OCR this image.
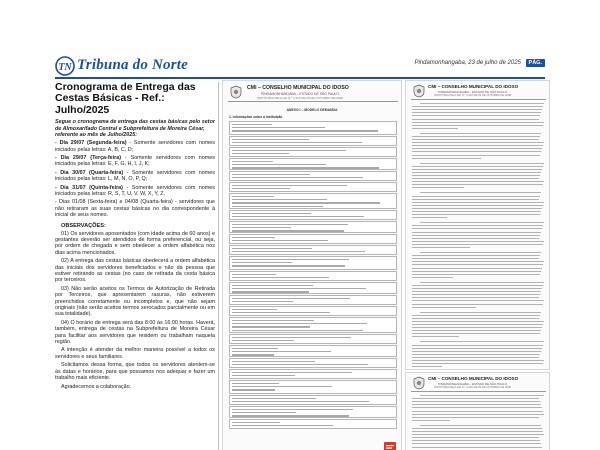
TN Tribuna do Norte	Pindamonhangaba, 23 de julho de 2025 PÁG.
Cronograma de Entrega das Cestas Básicas - Ref.: Julho/2025
Segue o cronograma de entrega das cestas básicas pelo setor de Almoxarifado Central e Subprefeitura de Moreira César, referente ao mês de Julho/2025:
- Dia 29/07 (Segunda-feira) - Somente servidores com nomes iniciados pelas letras: A, B, C, D;
- Dia 29/07 (Terça-feira) - Somente servidores com nomes iniciados pelas letras: E, F, G, H, I, J, K;
- Dia 30/07 (Quarta-feira) - Somente servidores com nomes iniciados pelas letras: L, M, N, O, P, Q;
- Dia 31/07 (Quinta-feira) - Somente servidores com nomes iniciados pelas letras: R, S, T, U, V, W, X, Y, Z.
- Dias 01/08 (Sexta-feira) e 04/08 (Quarta-feira) - servidores que não retiraram as suas cestas básicas no dia correspondente à inicial de seus nomes.
OBSERVAÇÕES:
01) Os servidores aposentados (com idade acima de 60 anos) e gestantes deverão ser atendidos de forma preferencial, ou seja, por ordem de chegada e sem obedecer a ordem alfabética nos dias acima mencionados.
02) A entrega das cestas básicas obedecerá a ordem alfabética das iniciais dos servidores beneficiados e não da pessoa que estiver retirando as cestas (no caso de retirada da cesta básica por terceiros.
03) Não serão aceitos os Termos de Autorização de Retirada por Terceiros, que apresentarem rasuras, não estiverem preenchidos corretamente ou incompletos e, que não sejam originais (não serão aceitos termos xerocados parcialmente ou em sua totalidade).
04) O horário de entrega será das 8:00 às 16:00 horas. Haverá, também, entrega de cestas na Subprefeitura de Moreira César para facilitar aos servidores que residem ou trabalham naquela região.
A intenção é atender da melhor maneira possível a todos os servidores e seus familiares.
Solicitamos dessa forma, que todos os servidores atentem-se às datas e horários, para que possamos nos adequar e fazer um trabalho mais eficiente.
Agradecemos a colaboração.
CMI – CONSELHO MUNICIPAL DO IDOSO
PINDAMONHANGABA – ESTADO DE SÃO PAULO
INSTITUÍDA PELA LEI N.º 4.316 DE 09 DE OUTUBRO DE 2008
ANEXO I – MODELO DEMANDA
1. Informações sobre a Instituição
CMI – CONSELHO MUNICIPAL DO IDOSO
PINDAMONHANGABA – ESTADO DE SÃO PAULO
INSTITUÍDA PELA LEI N.º 4.316 DE 09 DE OUTUBRO DE 2008
CMI – CONSELHO MUNICIPAL DO IDOSO
PINDAMONHANGABA – ESTADO DE SÃO PAULO
INSTITUÍDA PELA LEI N.º 4.316 DE 09 DE OUTUBRO DE 2008
